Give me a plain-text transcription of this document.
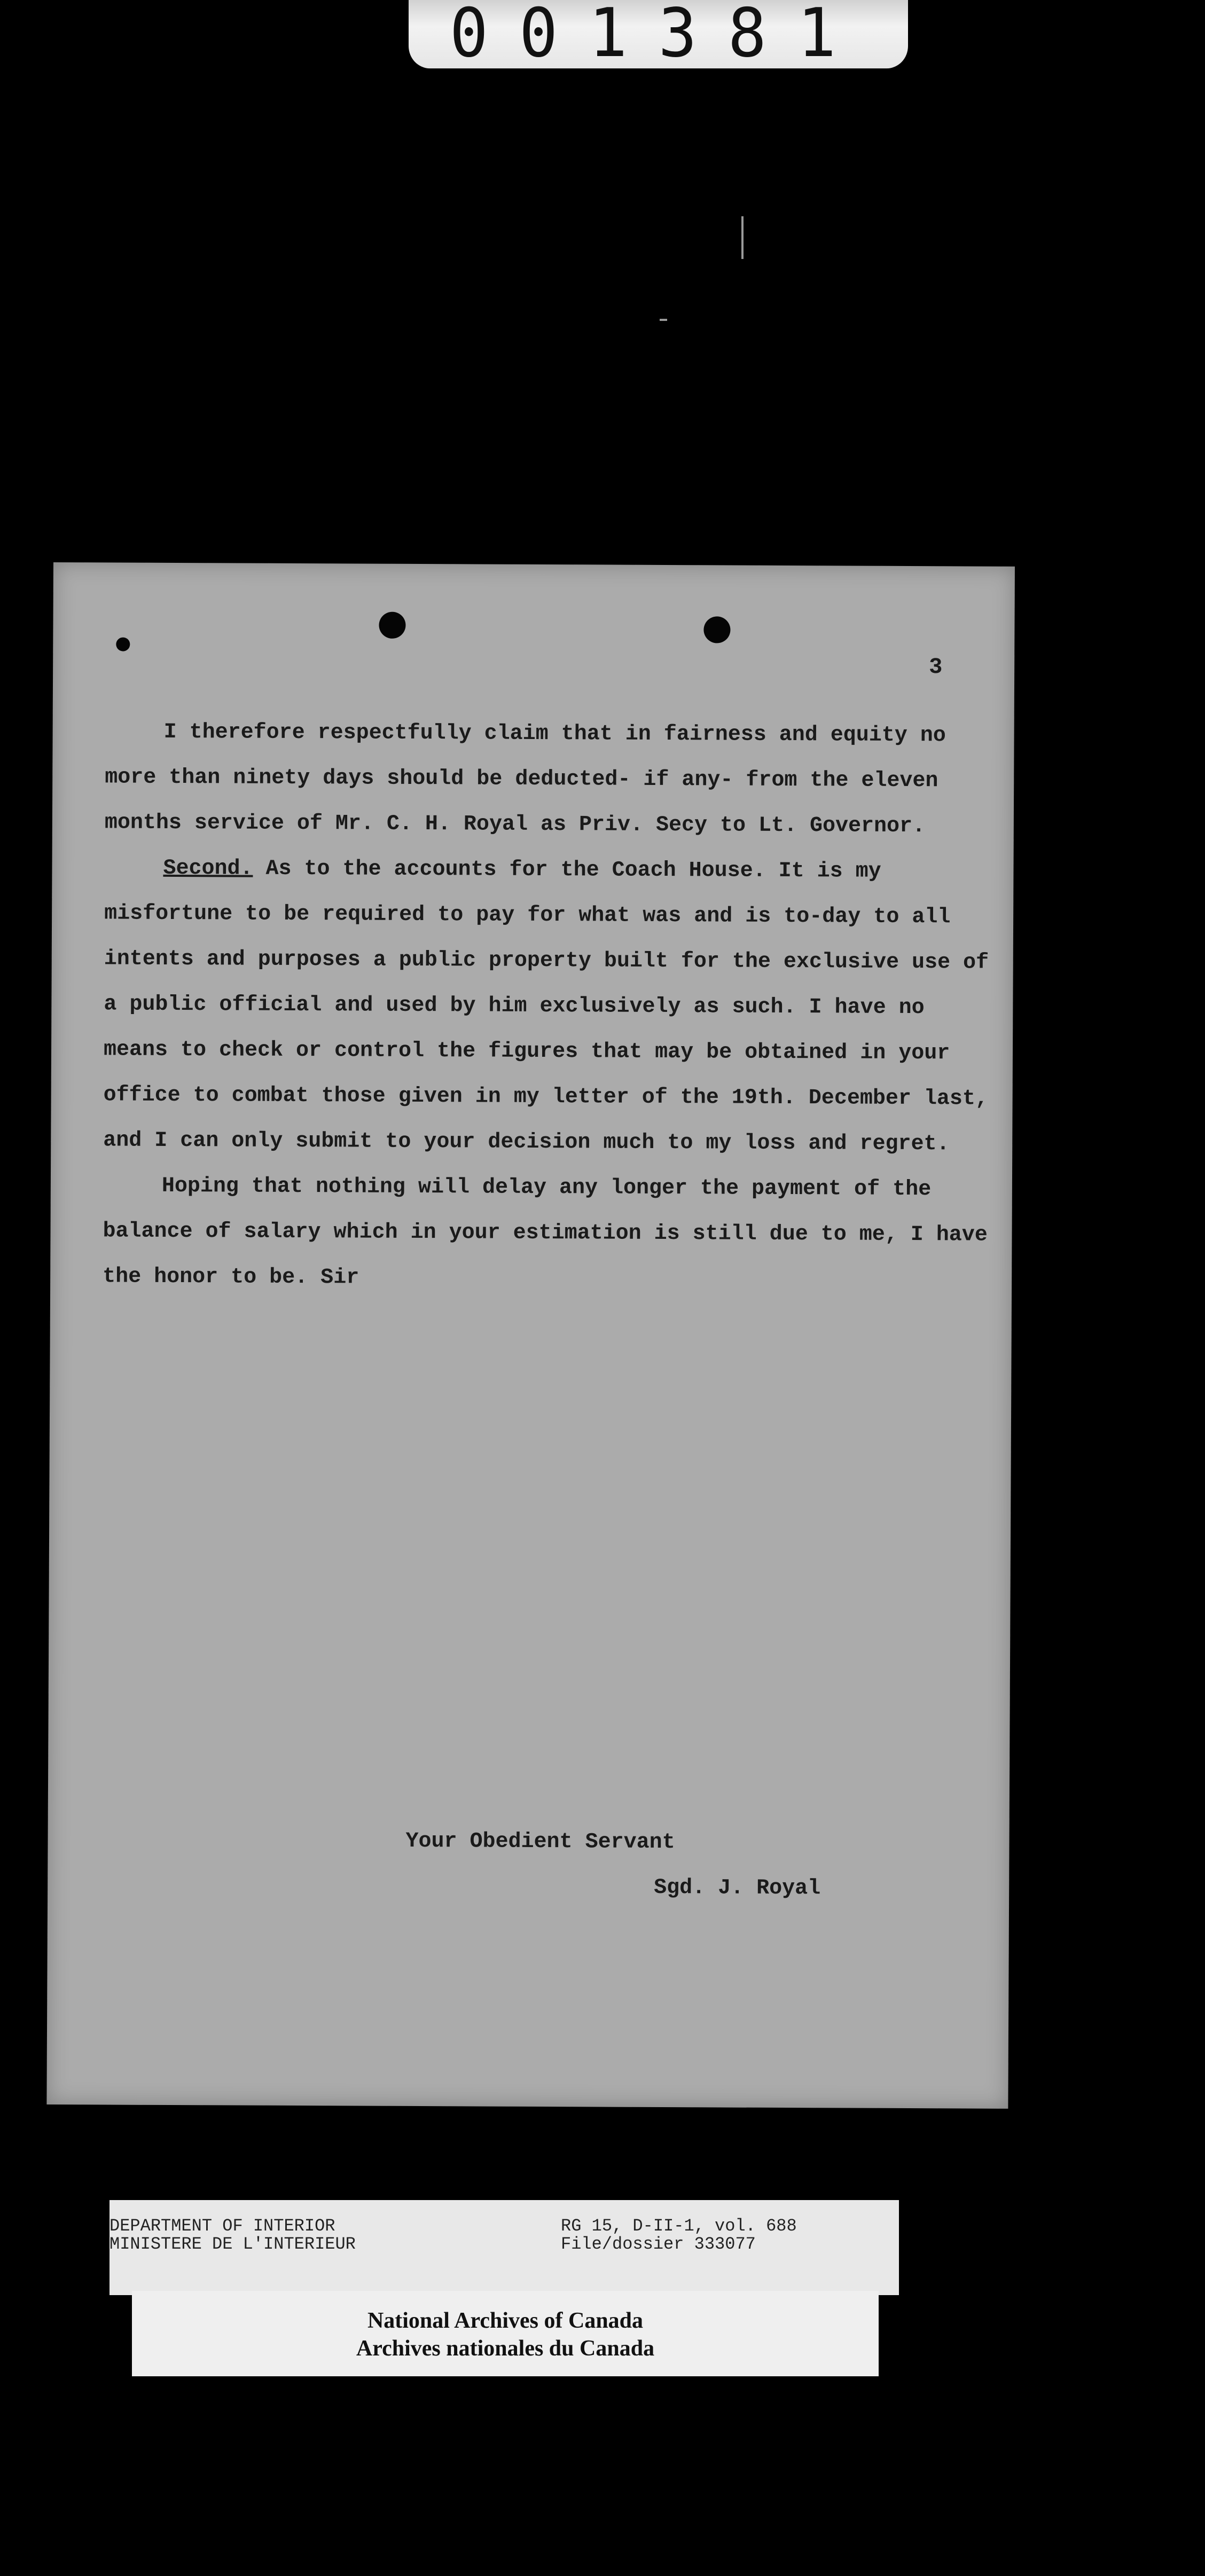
001381
3

I therefore respectfully claim that in fairness and equity no more than ninety days should be deducted- if any- from the eleven months service of Mr. C. H. Royal as Priv. Secy to Lt. Governor.

Second. As to the accounts for the Coach House. It is my misfortune to be required to pay for what was and is to-day to all intents and purposes a public property built for the exclusive use of a public official and used by him exclusively as such. I have no means to check or control the figures that may be obtained in your office to combat those given in my letter of the 19th. December last, and I can only submit to your decision much to my loss and regret.

Hoping that nothing will delay any longer the payment of the balance of salary which in your estimation is still due to me, I have the honor to be. Sir

Your Obedient Servant
Sgd. J. Royal
DEPARTMENT OF INTERIOR
MINISTERE DE L'INTERIEUR
RG 15, D-II-1, vol. 688
File/dossier 333077
National Archives of Canada
Archives nationales du Canada
